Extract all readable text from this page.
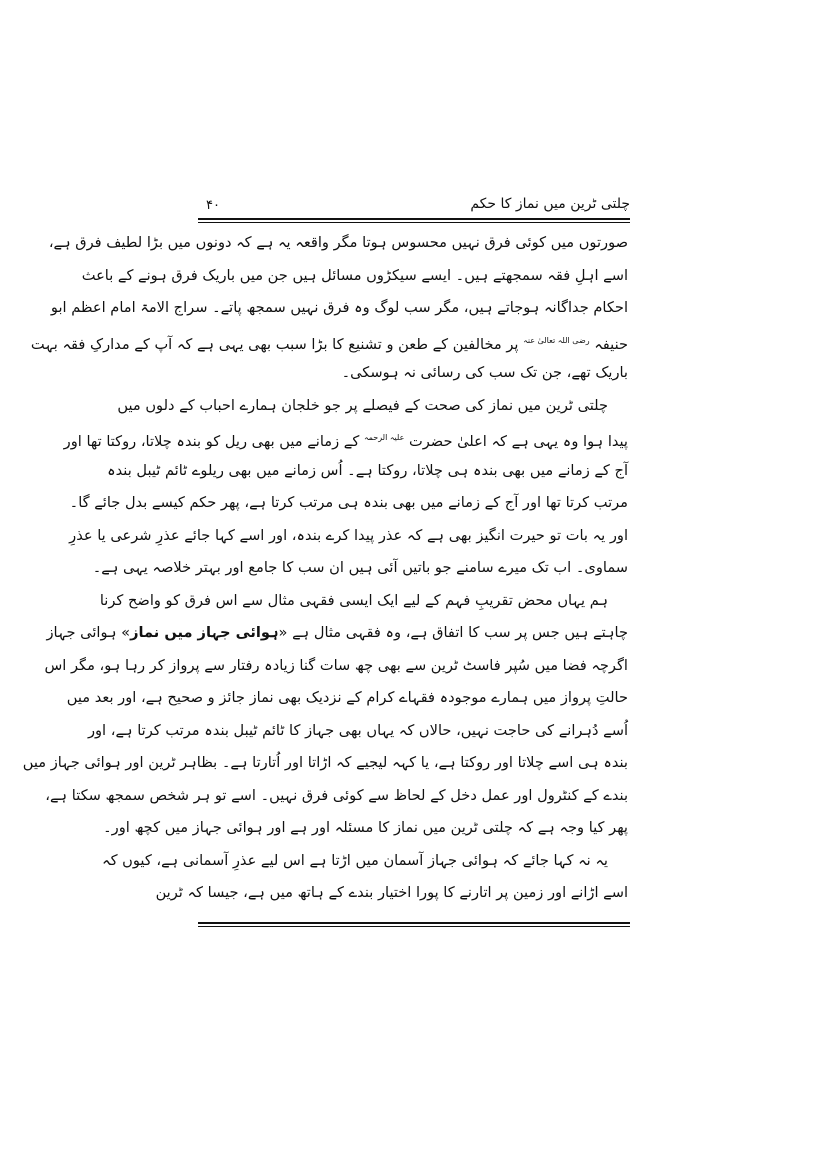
چلتی ٹرین میں نماز کا حکم
۴۰
صورتوں میں کوئی فرق نہیں محسوس ہوتا مگر واقعہ یہ ہے کہ دونوں میں بڑا لطیف فرق ہے،
اسے اہلِ فقہ سمجھتے ہیں۔ ایسے سیکڑوں مسائل ہیں جن میں باریک فرق ہونے کے باعث
احکام جداگانہ ہوجاتے ہیں، مگر سب لوگ وہ فرق نہیں سمجھ پاتے۔ سراج الامۃ امام اعظم ابو
حنیفہ $^{رضی اللہ تعالیٰ عنہ}$ پر مخالفین کے طعن و تشنیع کا بڑا سبب بھی یہی ہے کہ آپ کے مدارکِ فقہ بہت
باریک تھے، جن تک سب کی رسائی نہ ہوسکی۔
چلتی ٹرین میں نماز کی صحت کے فیصلے پر جو خلجان ہمارے احباب کے دلوں میں
پیدا ہوا وہ یہی ہے کہ اعلیٰ حضرت $^{علیہ الرحمہ}$ کے زمانے میں بھی ریل کو بندہ چلاتا، روکتا تھا اور
آج کے زمانے میں بھی بندہ ہی چلاتا، روکتا ہے۔ اُس زمانے میں بھی ریلوے ٹائم ٹیبل بندہ
مرتب کرتا تھا اور آج کے زمانے میں بھی بندہ ہی مرتب کرتا ہے، پھر حکم کیسے بدل جائے گا۔
اور یہ بات تو حیرت انگیز بھی ہے کہ عذر پیدا کرے بندہ، اور اسے کہا جائے عذرِ شرعی یا عذرِ
سماوی۔ اب تک میرے سامنے جو باتیں آئی ہیں ان سب کا جامع اور بہتر خلاصہ یہی ہے۔
ہم یہاں محض تقریبِ فہم کے لیے ایک ایسی فقہی مثال سے اس فرق کو واضح کرنا
چاہتے ہیں جس پر سب کا اتفاق ہے، وہ فقہی مثال ہے «ہوائی جہاز میں نماز» ہوائی جہاز
اگرچہ فضا میں سُپر فاسٹ ٹرین سے بھی چھ سات گنا زیادہ رفتار سے پرواز کر رہا ہو، مگر اس
حالتِ پرواز میں ہمارے موجودہ فقہاے کرام کے نزدیک بھی نماز جائز و صحیح ہے، اور بعد میں
اُسے دُہرانے کی حاجت نہیں، حالاں کہ یہاں بھی جہاز کا ٹائم ٹیبل بندہ مرتب کرتا ہے، اور
بندہ ہی اسے چلاتا اور روکتا ہے، یا کہہ لیجیے کہ اڑاتا اور اُتارتا ہے۔ بظاہر ٹرین اور ہوائی جہاز میں
بندے کے کنٹرول اور عمل دخل کے لحاظ سے کوئی فرق نہیں۔ اسے تو ہر شخص سمجھ سکتا ہے،
پھر کیا وجہ ہے کہ چلتی ٹرین میں نماز کا مسئلہ اور ہے اور ہوائی جہاز میں کچھ اور۔
یہ نہ کہا جائے کہ ہوائی جہاز آسمان میں اڑتا ہے اس لیے عذرِ آسمانی ہے، کیوں کہ
اسے اڑانے اور زمین پر اتارنے کا پورا اختیار بندے کے ہاتھ میں ہے، جیسا کہ ٹرین
